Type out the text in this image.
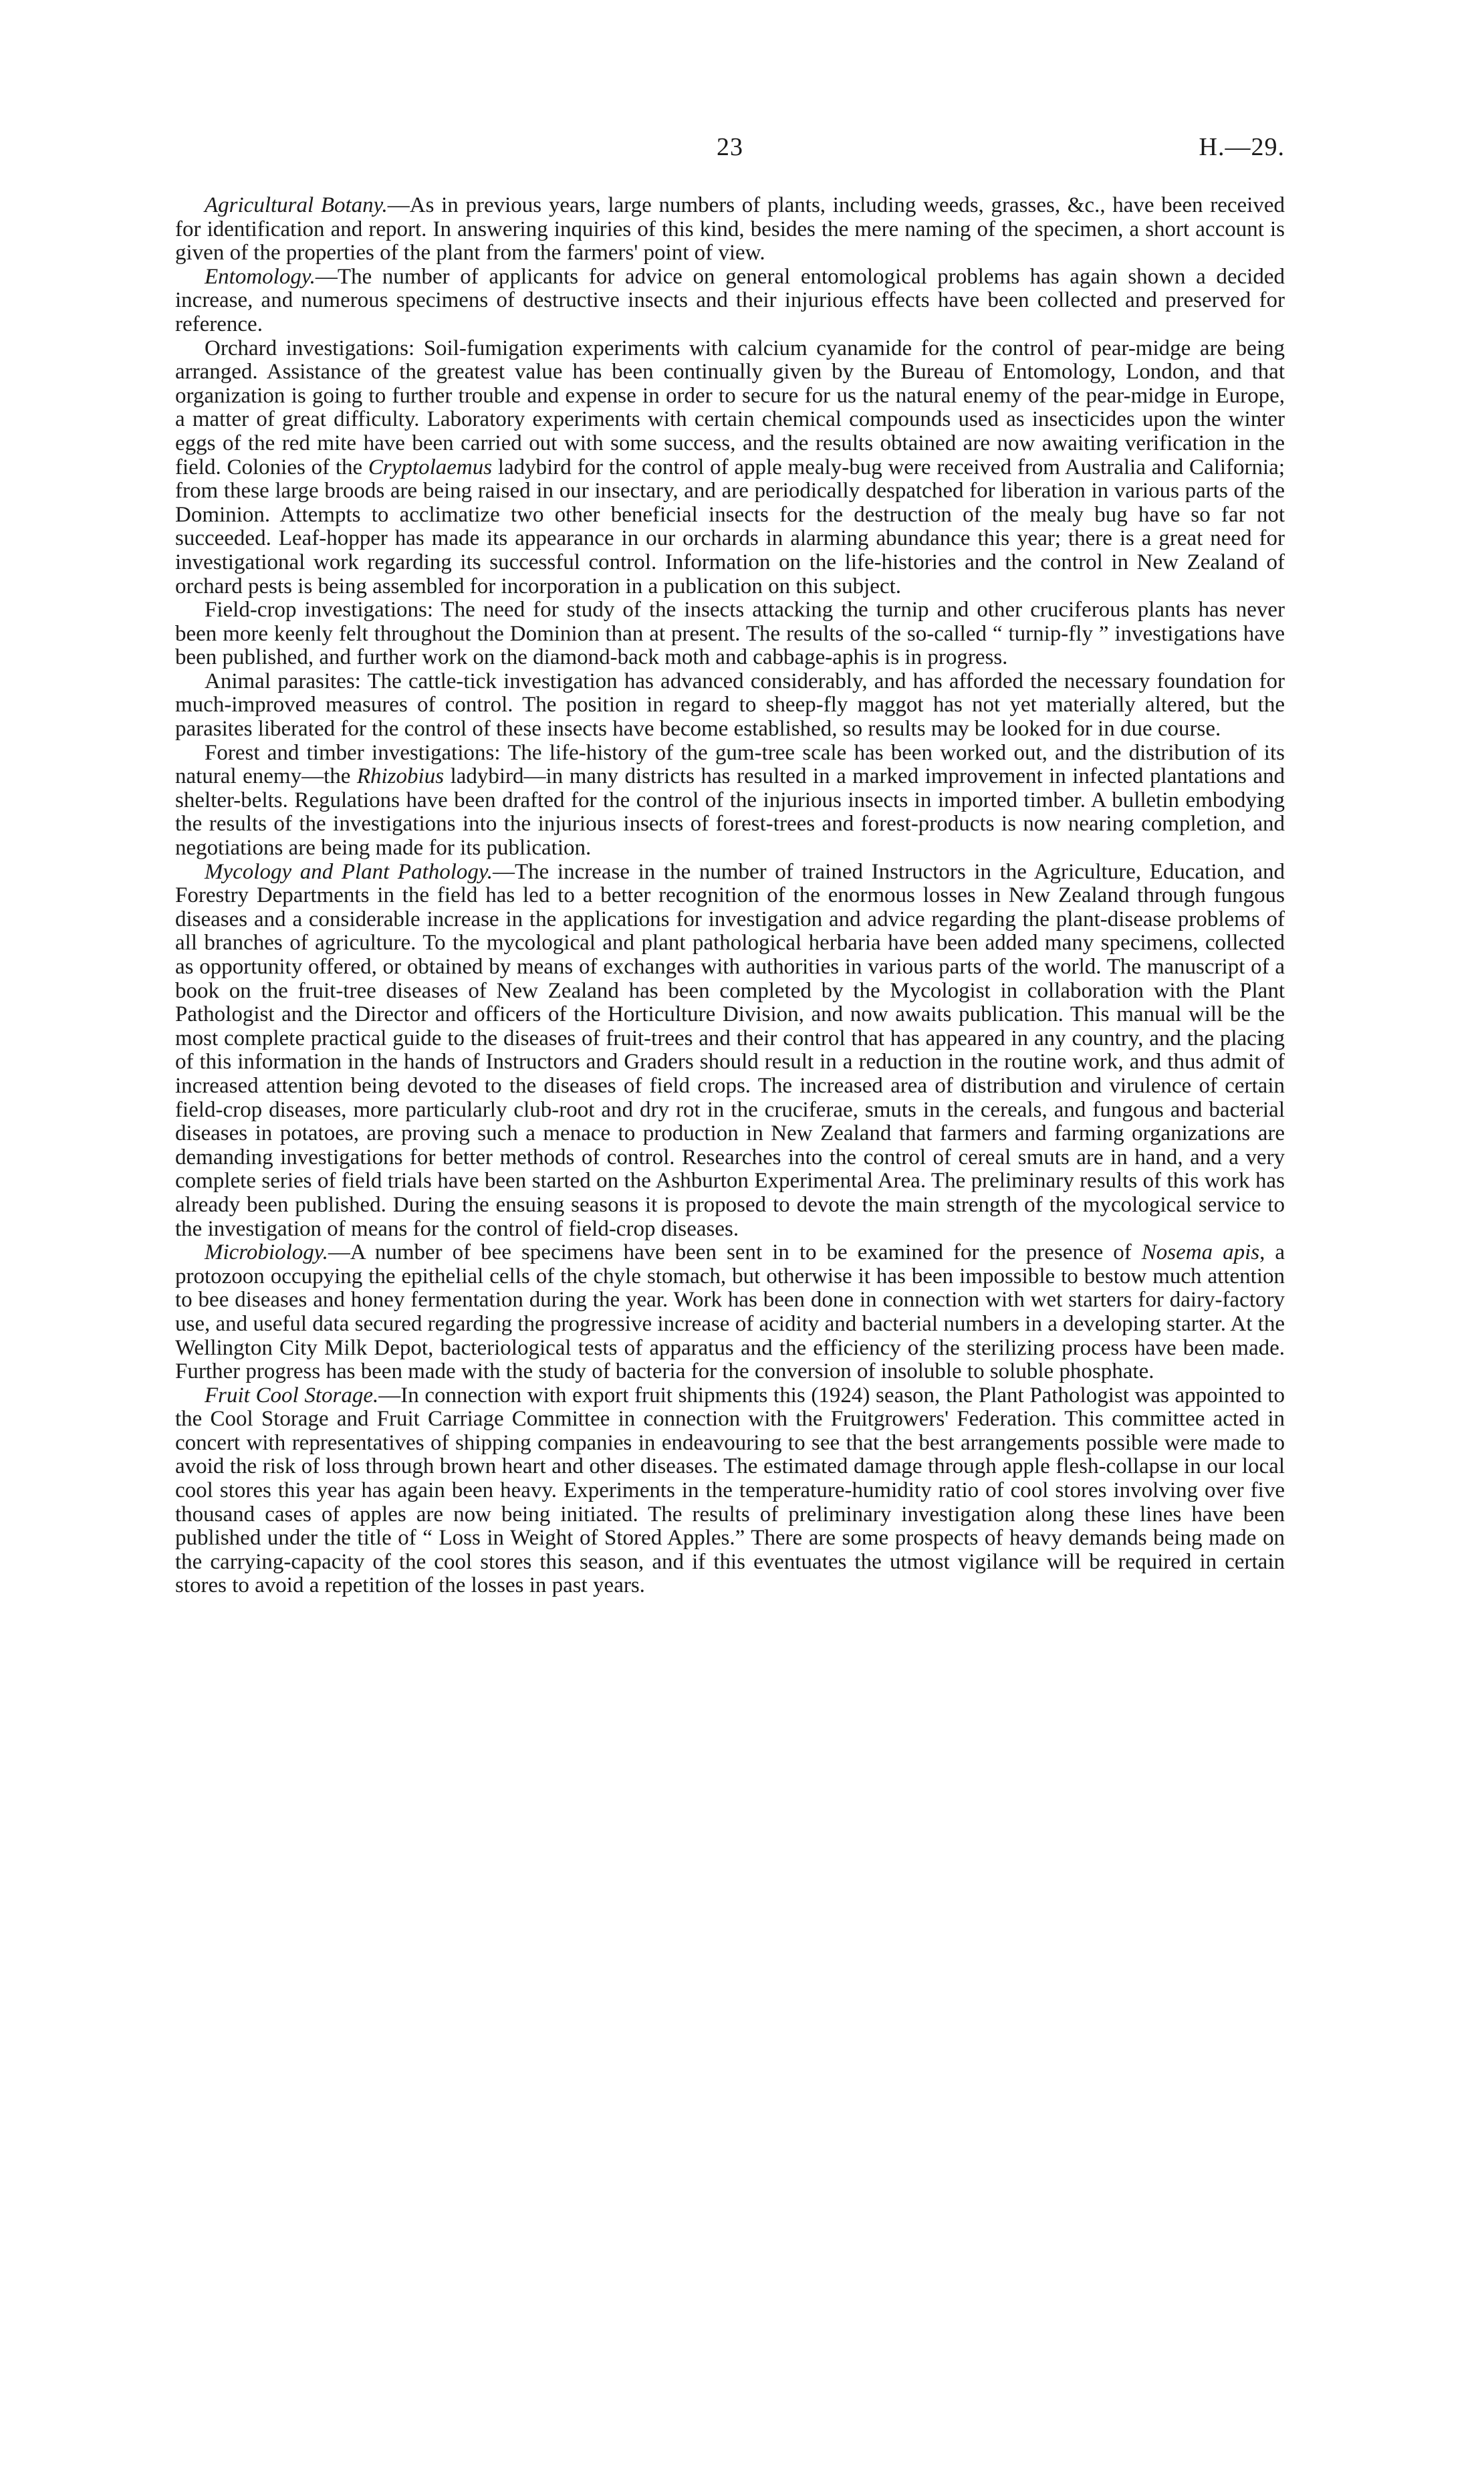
23	H.—29.

Agricultural Botany.—As in previous years, large numbers of plants, including weeds, grasses, &c., have been received for identification and report. In answering inquiries of this kind, besides the mere naming of the specimen, a short account is given of the properties of the plant from the farmers' point of view.

Entomology.—The number of applicants for advice on general entomological problems has again shown a decided increase, and numerous specimens of destructive insects and their injurious effects have been collected and preserved for reference.

Orchard investigations: Soil-fumigation experiments with calcium cyanamide for the control of pear-midge are being arranged. Assistance of the greatest value has been continually given by the Bureau of Entomology, London, and that organization is going to further trouble and expense in order to secure for us the natural enemy of the pear-midge in Europe, a matter of great difficulty. Laboratory experiments with certain chemical compounds used as insecticides upon the winter eggs of the red mite have been carried out with some success, and the results obtained are now awaiting verification in the field. Colonies of the Cryptolaemus ladybird for the control of apple mealy-bug were received from Australia and California; from these large broods are being raised in our insectary, and are periodically despatched for liberation in various parts of the Dominion. Attempts to acclimatize two other beneficial insects for the destruction of the mealy bug have so far not succeeded. Leaf-hopper has made its appearance in our orchards in alarming abundance this year; there is a great need for investigational work regarding its successful control. Information on the life-histories and the control in New Zealand of orchard pests is being assembled for incorporation in a publication on this subject.

Field-crop investigations: The need for study of the insects attacking the turnip and other cruciferous plants has never been more keenly felt throughout the Dominion than at present. The results of the so-called “ turnip-fly ” investigations have been published, and further work on the diamond-back moth and cabbage-aphis is in progress.

Animal parasites: The cattle-tick investigation has advanced considerably, and has afforded the necessary foundation for much-improved measures of control. The position in regard to sheep-fly maggot has not yet materially altered, but the parasites liberated for the control of these insects have become established, so results may be looked for in due course.

Forest and timber investigations: The life-history of the gum-tree scale has been worked out, and the distribution of its natural enemy—the Rhizobius ladybird—in many districts has resulted in a marked improvement in infected plantations and shelter-belts. Regulations have been drafted for the control of the injurious insects in imported timber. A bulletin embodying the results of the investigations into the injurious insects of forest-trees and forest-products is now nearing completion, and negotiations are being made for its publication.

Mycology and Plant Pathology.—The increase in the number of trained Instructors in the Agriculture, Education, and Forestry Departments in the field has led to a better recognition of the enormous losses in New Zealand through fungous diseases and a considerable increase in the applications for investigation and advice regarding the plant-disease problems of all branches of agriculture. To the mycological and plant pathological herbaria have been added many specimens, collected as opportunity offered, or obtained by means of exchanges with authorities in various parts of the world. The manuscript of a book on the fruit-tree diseases of New Zealand has been completed by the Mycologist in collaboration with the Plant Pathologist and the Director and officers of the Horticulture Division, and now awaits publication. This manual will be the most complete practical guide to the diseases of fruit-trees and their control that has appeared in any country, and the placing of this information in the hands of Instructors and Graders should result in a reduction in the routine work, and thus admit of increased attention being devoted to the diseases of field crops. The increased area of distribution and virulence of certain field-crop diseases, more particularly club-root and dry rot in the cruciferae, smuts in the cereals, and fungous and bacterial diseases in potatoes, are proving such a menace to production in New Zealand that farmers and farming organizations are demanding investigations for better methods of control. Researches into the control of cereal smuts are in hand, and a very complete series of field trials have been started on the Ashburton Experimental Area. The preliminary results of this work has already been published. During the ensuing seasons it is proposed to devote the main strength of the mycological service to the investigation of means for the control of field-crop diseases.

Microbiology.—A number of bee specimens have been sent in to be examined for the presence of Nosema apis, a protozoon occupying the epithelial cells of the chyle stomach, but otherwise it has been impossible to bestow much attention to bee diseases and honey fermentation during the year. Work has been done in connection with wet starters for dairy-factory use, and useful data secured regarding the progressive increase of acidity and bacterial numbers in a developing starter. At the Wellington City Milk Depot, bacteriological tests of apparatus and the efficiency of the sterilizing process have been made. Further progress has been made with the study of bacteria for the conversion of insoluble to soluble phosphate.

Fruit Cool Storage.—In connection with export fruit shipments this (1924) season, the Plant Pathologist was appointed to the Cool Storage and Fruit Carriage Committee in connection with the Fruitgrowers' Federation. This committee acted in concert with representatives of shipping companies in endeavouring to see that the best arrangements possible were made to avoid the risk of loss through brown heart and other diseases. The estimated damage through apple flesh-collapse in our local cool stores this year has again been heavy. Experiments in the temperature-humidity ratio of cool stores involving over five thousand cases of apples are now being initiated. The results of preliminary investigation along these lines have been published under the title of “ Loss in Weight of Stored Apples.” There are some prospects of heavy demands being made on the carrying-capacity of the cool stores this season, and if this eventuates the utmost vigilance will be required in certain stores to avoid a repetition of the losses in past years.
